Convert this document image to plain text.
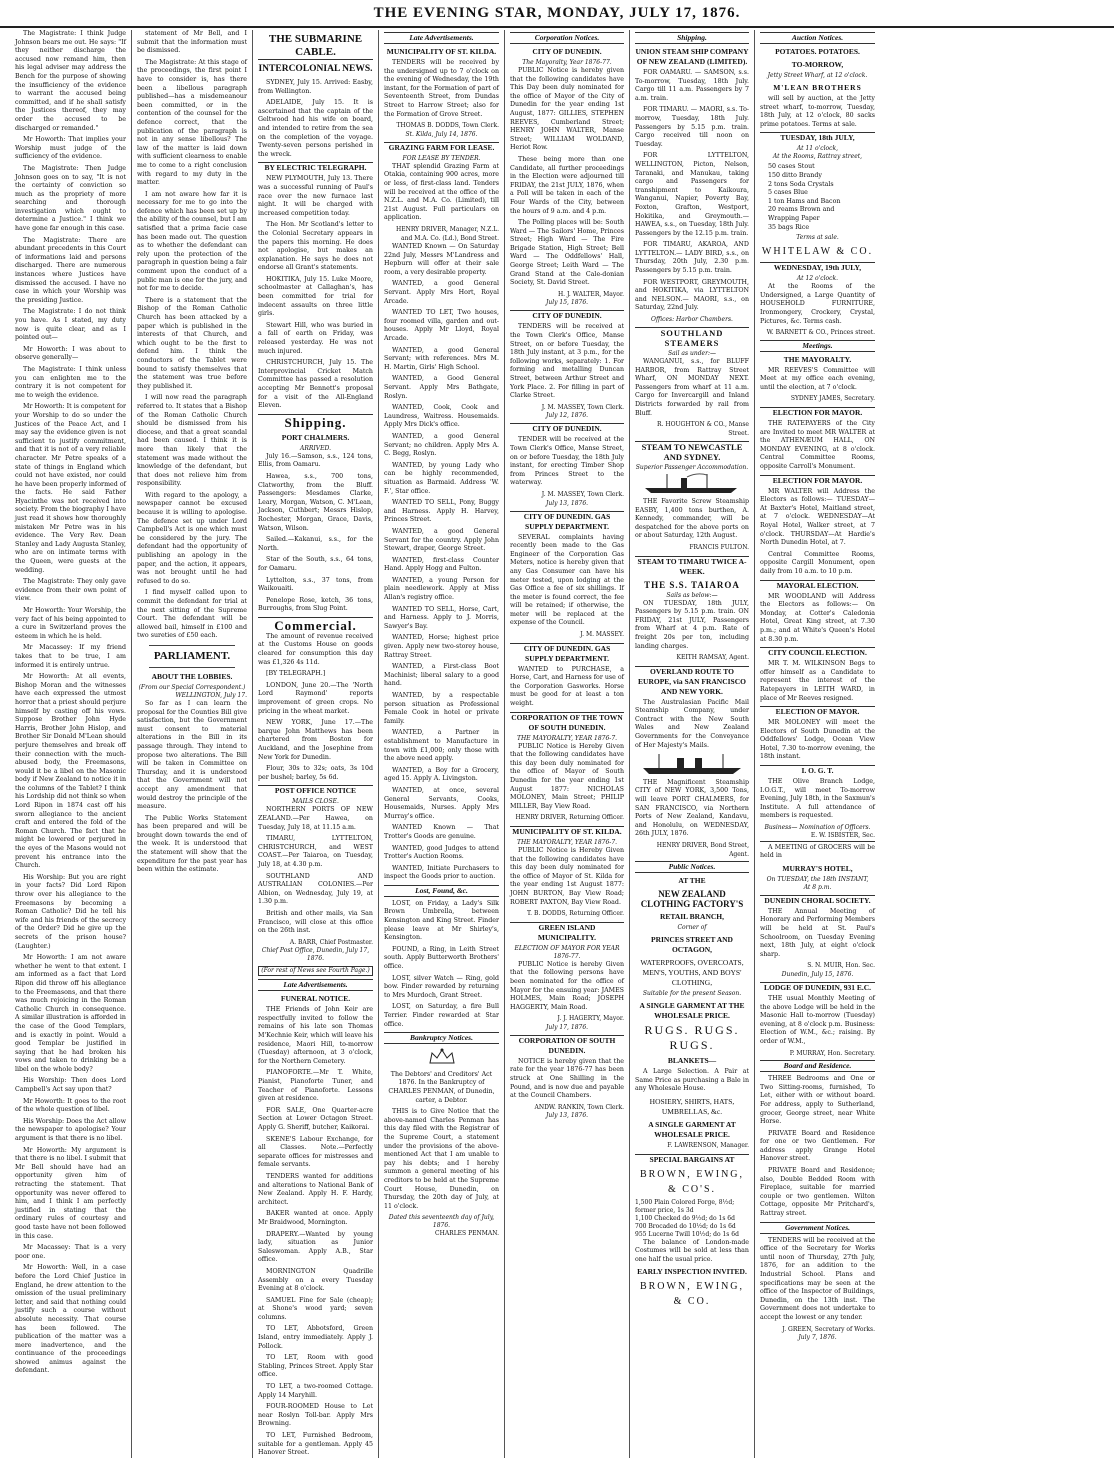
THE EVENING STAR, MONDAY, JULY 17, 1876.

The Magistrate: I think Judge Johnson bears me out. He says: "If they neither discharge the accused now remand him, then his legal adviser may address the Bench for the purpose of showing the insufficiency of the evidence to warrant the accused being committed, and if he shall satisfy the Justices thereof, they may order the accused to be discharged or remanded."

Mr Howorth: That implies your Worship must judge of the sufficiency of the evidence.

The Magistrate: Then Judge Johnson goes on to say, "It is not the certainty of conviction so much as the propriety of more searching and thorough investigation which ought to determine a Justice." I think we have gone far enough in this case.

The Magistrate: There are abundant precedents in this Court of informations laid and persons discharged. There are numerous instances where Justices have dismissed the accused. I have no case in which your Worship was the presiding Justice.

The Magistrate: I do not think you have. As I stated, my duty now is quite clear, and as I pointed out—

Mr Howorth: I was about to observe generally—

The Magistrate: I think unless you can enlighten me to the contrary it is not competent for me to weigh the evidence.

Mr Howorth: It is competent for your Worship to do so under the Justices of the Peace Act, and I may say the evidence given is not sufficient to justify commitment, and that it is not of a very reliable character. Mr Petre speaks of a state of things in England which could not have existed, nor could he have been properly informed of the facts. He said Father Hyacinthe was not received into society. From the biography I have just read it shows how thoroughly mistaken Mr Petre was in his evidence. The Very Rev. Dean Stanley and Lady Augusta Stanley, who are on intimate terms with the Queen, were guests at the wedding.

The Magistrate: They only gave evidence from their own point of view.

Mr Howorth: Your Worship, the very fact of his being appointed to a cure in Switzerland proves the esteem in which he is held.

Mr Macassey: If my friend takes that to be true, I am informed it is entirely untrue.

Mr Howorth: At all events, Bishop Moran and the witnesses have each expressed the utmost horror that a priest should perjure himself by casting off his vows. Suppose Brother John Hyde Harris, Brother John Hislop, and Brother Sir Donald M'Lean should perjure themselves and break off their connection with the much-abused body, the Freemasons, would it be a libel on the Masonic body if New Zealand to notice it in the columns of the Tablet? I think his Lordship did not think so when Lord Ripon in 1874 cast off his sworn allegiance to the ancient craft and entered the fold of the Roman Church. The fact that he might be lowered or perjured in the eyes of the Masons would not prevent his entrance into the Church.

His Worship: But you are right in your facts? Did Lord Ripon throw over his allegiance to the Freemasons by becoming a Roman Catholic? Did he tell his wife and his friends of the secrecy of the Order? Did he give up the secrets of the prison house? (Laughter.)

Mr Howorth: I am not aware whether he went to that extent. I am informed as a fact that Lord Ripon did throw off his allegiance to the Freemasons, and that there was much rejoicing in the Roman Catholic Church in consequence. A similar illustration is afforded in the case of the Good Templars, and is exactly in point. Would a good Templar be justified in saying that he had broken his vows and taken to drinking be a libel on the whole body?

His Worship: Then does Lord Campbell's Act say upon that?

Mr Howorth: It goes to the root of the whole question of libel.

His Worship: Does the Act allow the newspaper to apologise? Your argument is that there is no libel.

Mr Howorth: My argument is that there is no libel. I submit that Mr Bell should have had an opportunity given him of retracting the statement. That opportunity was never offered to him, and I think I am perfectly justified in stating that the ordinary rules of courtesy and good taste have not been followed in this case.

Mr Macassey: That is a very poor one.

Mr Howorth: Well, in a case before the Lord Chief Justice in England, he drew attention to the omission of the usual preliminary letter, and said that nothing could justify such a course without absolute necessity. That course has been followed. The publication of the matter was a mere inadvertence, and the continuance of the proceedings showed animus against the defendant.

statement of Mr Bell, and I submit that the information must be dismissed.

The Magistrate: At this stage of the proceedings, the first point I have to consider is, has there been a libellous paragraph published—has a misdemeanour been committed, or in the contention of the counsel for the defence correct, that the publication of the paragraph is not in any sense libellous? The law of the matter is laid down with sufficient clearness to enable me to come to a right conclusion with regard to my duty in the matter.

I am not aware how far it is necessary for me to go into the defence which has been set up by the ability of the counsel, but I am satisfied that a prima facie case has been made out. The question as to whether the defendant can rely upon the protection of the paragraph in question being a fair comment upon the conduct of a public man is one for the jury, and not for me to decide.

There is a statement that the Bishop of the Roman Catholic Church has been attacked by a paper which is published in the interests of that Church, and which ought to be the first to defend him. I think the conductors of the Tablet were bound to satisfy themselves that the statement was true before they published it.

I will now read the paragraph referred to. It states that a Bishop of the Roman Catholic Church should be dismissed from his diocese, and that a great scandal had been caused. I think it is more than likely that the statement was made without the knowledge of the defendant, but that does not relieve him from responsibility.

With regard to the apology, a newspaper cannot be excused because it is willing to apologise. The defence set up under Lord Campbell's Act is one which must be considered by the jury. The defendant had the opportunity of publishing an apology in the paper, and the action, it appears, was not brought until he had refused to do so.

I find myself called upon to commit the defendant for trial at the next sitting of the Supreme Court. The defendant will be allowed bail, himself in £100 and two sureties of £50 each.

PARLIAMENT.
ABOUT THE LOBBIES.
(From our Special Correspondent.)
WELLINGTON, July 17.

So far as I can learn the proposal for the Counties Bill give satisfaction, but the Government must consent to material alterations in the Bill in its passage through. They intend to propose two alterations. The Bill will be taken in Committee on Thursday, and it is understood that the Government will not accept any amendment that would destroy the principle of the measure.

The Public Works Statement has been prepared and will be brought down towards the end of the week. It is understood that the statement will show that the expenditure for the past year has been within the estimate.

THE SUBMARINE CABLE.
INTERCOLONIAL NEWS.

SYDNEY, July 15. Arrived: Easby, from Wellington.

ADELAIDE, July 15. It is ascertained that the captain of the Geltwood had his wife on board, and intended to retire from the sea on the completion of the voyage. Twenty-seven persons perished in the wreck.

BY ELECTRIC TELEGRAPH.

NEW PLYMOUTH, July 13. There was a successful running of Paul's race over the new furnace last night. It will be charged with increased competition today.

The Hon. Mr Scotland's letter to the Colonial Secretary appears in the papers this morning. He does not apologise, but makes an explanation. He says he does not endorse all Grant's statements.

HOKITIKA, July 15. Luke Moore, schoolmaster at Callaghan's, has been committed for trial for indecent assaults on three little girls.

Stewart Hill, who was buried in a fall of earth on Friday, was released yesterday. He was not much injured.

CHRISTCHURCH, July 15. The Interprovincial Cricket Match Committee has passed a resolution accepting Mr Bennett's proposal for a visit of the All-England Eleven.

Shipping.
PORT CHALMERS.
ARRIVED.

July 16.—Samson, s.s., 124 tons, Ellis, from Oamaru.

Hawea, s.s., 700 tons, Clatworthy, from the Bluff. Passengers: Mesdames Clarke, Leary, Morgan, Watson, C. M'Lean, Jackson, Cuthbert; Messrs Hislop, Rochester, Morgan, Grace, Davis, Watson, Wilson.

Sailed.—Kakanui, s.s., for the North.

Star of the South, s.s., 64 tons, for Oamaru.

Lyttelton, s.s., 37 tons, from Waikouaiti.

Penelope Rose, ketch, 36 tons, Burroughs, from Slug Point.

Commercial.

The amount of revenue received at the Customs House on goods cleared for consumption this day was £1,326 4s 11d.

[BY TELEGRAPH.]

LONDON, June 20.—The 'North Lord Raymond' reports improvement of green crops. No pricing in the wheat market.

NEW YORK, June 17.—The barque John Matthews has been chartered from Boston for Auckland, and the Josephine from New York for Dunedin.

Flour, 30s to 32s; oats, 3s 10d per bushel; barley, 5s 6d.

POST OFFICE NOTICE
MAILS CLOSE.

NORTHERN PORTS OF NEW ZEALAND.—Per Hawea, on Tuesday, July 18, at 11.15 a.m.

TIMARU, LYTTELTON, CHRISTCHURCH, and WEST COAST.—Per Taiaroa, on Tuesday, July 18, at 4.30 p.m.

SOUTHLAND AND AUSTRALIAN COLONIES.—Per Albion, on Wednesday, July 19, at 1.30 p.m.

British and other mails, via San Francisco, will close at this office on the 26th inst.

A. BARR, Chief Postmaster.
Chief Post Office, Dunedin, July 17, 1876.
(For rest of News see Fourth Page.)
Late Advertisements.
FUNERAL NOTICE.

THE Friends of John Keir are respectfully invited to follow the remains of his late son Thomas M'Kechnie Keir, which will leave his residence, Maori Hill, to-morrow (Tuesday) afternoon, at 3 o'clock, for the Northern Cemetery.

PIANOFORTE.—Mr T. White, Pianist, Pianoforte Tuner, and Teacher of Pianoforte. Lessons given at residence.

FOR SALE, One Quarter-acre Section at Lower Octagon Street. Apply G. Sheriff, butcher, Kaikorai.

SKENE'S Labour Exchange, for all Classes. Note.—Perfectly separate offices for mistresses and female servants.

TENDERS wanted for additions and alterations to National Bank of New Zealand. Apply H. F. Hardy, architect.

BAKER wanted at once. Apply Mr Braidwood, Mornington.

DRAPERY.—Wanted by young lady, situation as Junior Saleswoman. Apply A.B., Star office.

MORNINGTON Quadrille Assembly on a every Tuesday Evening at 8 o'clock.

SAMUEL Fine for Sale (cheap); at Shone's wood yard; seven columns.

TO LET, Abbotsford, Green Island, entry immediately. Apply J. Pollock.

TO LET, Room with good Stabling, Princes Street. Apply Star office.

TO LET, a two-roomed Cottage. Apply 14 Maryhill.

FOUR-ROOMED House to Let near Roslyn Toll-bar. Apply Mrs Browning.

TO LET, Furnished Bedroom, suitable for a gentleman. Apply 45 Hanover Street.

Late Advertisements.
MUNICIPALITY OF ST. KILDA.

TENDERS will be received by the undersigned up to 7 o'clock on the evening of Wednesday, the 19th instant, for the Formation of part of Seventeenth Street, from Dundas Street to Harrow Street; also for the Formation of Grove Street.

THOMAS B. DODDS, Town Clerk.
St. Kilda, July 14, 1876.
GRAZING FARM FOR LEASE.
FOR LEASE BY TENDER.

THAT splendid Grazing Farm at Otakia, containing 900 acres, more or less, of first-class land. Tenders will be received at the office of the N.Z.L. and M.A. Co. (Limited), till 21st August. Full particulars on application.

HENRY DRIVER, Manager, N.Z.L. and M.A. Co. (Ld.), Bond Street.

WANTED Known — On Saturday 22nd July, Messrs M'Landress and Hepburn will offer at their sale room, a very desirable property.

WANTED, a good General Servant. Apply Mrs Hort, Royal Arcade.

WANTED TO LET, Two houses, four roomed villa, garden and out-houses. Apply Mr Lloyd, Royal Arcade.

WANTED, a good General Servant; with references. Mrs M. H. Martin, Girls' High School.

WANTED, a Good General Servant. Apply Mrs Bathgate, Roslyn.

WANTED, Cook, Cook and Laundress, Waitress. Housemaids. Apply Mrs Dick's office.

WANTED, a good General Servant; no children. Apply Mrs A. C. Begg, Roslyn.

WANTED, by young Lady who can be highly recommended, situation as Barmaid. Address 'W. F.', Star office.

WANTED TO SELL, Pony, Buggy and Harness. Apply H. Harvey, Princes Street.

WANTED, a good General Servant for the country. Apply John Stewart, draper, George Street.

WANTED, first-class Counter Hand. Apply Hogg and Fulton.

WANTED, a young Person for plain needlework. Apply at Miss Allan's registry office.

WANTED TO SELL, Horse, Cart, and Harness. Apply to J. Morris, Sawyer's Bay.

WANTED, Horse; highest price given. Apply new two-storey house, Rattray Street.

WANTED, a First-class Boot Machinist; liberal salary to a good hand.

WANTED, by a respectable person situation as Professional Female Cook in hotel or private family.

WANTED, a Partner in establishment to Manufacture in town with £1,000; only those with the above need apply.

WANTED, a Boy for a Grocery, aged 15. Apply A. Livingston.

WANTED, at once, several General Servants, Cooks, Housemaids, Nurses. Apply Mrs Murray's office.

WANTED Known — That Trotter's Goods are genuine.

WANTED, good Judges to attend Trotter's Auction Rooms.

WANTED, Initiate Purchasers to inspect the Goods prior to auction.

Lost, Found, &c.

LOST, on Friday, a Lady's Silk Brown Umbrella, between Kensington and King Street. Finder please leave at Mr Shirley's, Kensington.

FOUND, a Ring, in Leith Street south. Apply Butterworth Brothers' office.

LOST, silver Watch — Ring, gold bow. Finder rewarded by returning to Mrs Murdoch, Grant Street.

LOST, on Saturday, a fire Bull Terrier. Finder rewarded at Star office.

Bankruptcy Notices.

The Debtors' and Creditors' Act 1876. In the Bankruptcy of CHARLES PENMAN, of Dunedin, carter, a Debtor.

THIS is to Give Notice that the above-named Charles Penman has this day filed with the Registrar of the Supreme Court, a statement under the provisions of the above-mentioned Act that I am unable to pay his debts; and I hereby summon a general meeting of his creditors to be held at the Supreme Court House, Dunedin, on Thursday, the 20th day of July, at 11 o'clock.

Dated this seventeenth day of July, 1876.
CHARLES PENMAN.
Corporation Notices.
CITY OF DUNEDIN.
The Mayoralty, Year 1876-77.

PUBLIC Notice is hereby given that the following candidates have This Day been duly nominated for the office of Mayor of the City of Dunedin for the year ending 1st August, 1877: GILLIES, STEPHEN REEVES, Cumberland Street; HENRY JOHN WALTER, Manse Street; WILLIAM WOLDAND, Heriot Row.

These being more than one Candidate, all further proceedings in the Election were adjourned till FRIDAY, the 21st JULY, 1876, when a Poll will be taken in each of the Four Wards of the City, between the hours of 9 a.m. and 4 p.m.

The Polling places will be: South Ward — The Sailors' Home, Princes Street; High Ward — The Fire Brigade Station, High Street; Bell Ward — The Oddfellows' Hall, George Street; Leith Ward — The Grand Stand at the Cale-donian Society, St. David Street.

H. J. WALTER, Mayor.
July 15, 1876.
CITY OF DUNEDIN.

TENDERS will be received at the Town Clerk's Office, Manse Street, on or before Tuesday, the 18th July instant, at 3 p.m., for the following works, separately: 1. For forming and metalling Duncan Street, between Arthur Street and York Place. 2. For filling in part of Clarke Street.

J. M. MASSEY, Town Clerk.
July 12, 1876.
CITY OF DUNEDIN.

TENDER will be received at the Town Clerk's Office, Manse Street, on or before Tuesday, the 18th July instant, for erecting Timber Shop from Princes Street to the waterway.

J. M. MASSEY, Town Clerk.
July 13, 1876.
CITY OF DUNEDIN. GAS SUPPLY DEPARTMENT.

SEVERAL complaints having recently been made to the Gas Engineer of the Corporation Gas Meters, notice is hereby given that any Gas Consumer can have his meter tested, upon lodging at the Gas Office a fee of six shillings. If the meter is found correct, the fee will be retained; if otherwise, the meter will be replaced at the expense of the Council.

J. M. MASSEY.
CITY OF DUNEDIN. GAS SUPPLY DEPARTMENT.

WANTED to PURCHASE, a Horse, Cart, and Harness for use of the Corporation Gasworks. Horse must be good for at least a ton weight.

CORPORATION OF THE TOWN OF SOUTH DUNEDIN.
THE MAYORALTY, YEAR 1876-7.

PUBLIC Notice is Hereby Given that the following candidates have this day been duly nominated for the office of Mayor of South Dunedin for the year ending 1st August 1877: NICHOLAS MOLONEY, Main Street; PHILIP MILLER, Bay View Road.

HENRY DRIVER, Returning Officer.
MUNICIPALITY OF ST. KILDA.
THE MAYORALTY, YEAR 1876-7.

PUBLIC Notice is Hereby Given that the following candidates have this day been duly nominated for the office of Mayor of St. Kilda for the year ending 1st August 1877: JOHN BURTON, Bay View Road; ROBERT PAXTON, Bay View Road.

T. B. DODDS, Returning Officer.
GREEN ISLAND MUNICIPALITY.
ELECTION OF MAYOR FOR YEAR 1876-77.

PUBLIC Notice is hereby Given that the following persons have been nominated for the office of Mayor for the ensuing year: JAMES HOLMES, Main Road; JOSEPH HAGGERTY, Main Road.

J. J. HAGERTY, Mayor.
July 17, 1876.
CORPORATION OF SOUTH DUNEDIN.

NOTICE is hereby given that the rate for the year 1876-77 has been struck at One Shilling in the Pound, and is now due and payable at the Council Chambers.

ANDW. RANKIN, Town Clerk.
July 13, 1876.
Shipping.
UNION STEAM SHIP COMPANY OF NEW ZEALAND (LIMITED).

FOR OAMARU. — SAMSON, s.s. To-morrow, Tuesday, 18th July. Cargo till 11 a.m. Passengers by 7 a.m. train.

FOR TIMARU. — MAORI, s.s. To-morrow, Tuesday, 18th July. Passengers by 5.15 p.m. train. Cargo received till noon on Tuesday.

FOR LYTTELTON, WELLINGTON, Picton, Nelson, Taranaki, and Manukau, taking cargo and Passengers for transhipment to Kaikoura, Wanganui, Napier, Poverty Bay, Foxton, Grafton, Westport, Hokitika, and Greymouth.— HAWEA, s.s., on Tuesday, 18th July. Passengers by the 12.15 p.m. train.

FOR TIMARU, AKAROA, AND LYTTELTON.— LADY BIRD, s.s., on Thursday, 20th July, 2.30 p.m. Passengers by 5.15 p.m. train.

FOR WESTPORT, GREYMOUTH, and HOKITIKA, via LYTTELTON and NELSON.— MAORI, s.s., on Saturday, 22nd July.

Offices: Harbor Chambers.
SOUTHLAND STEAMERS
Sail as under:—

WANGANUI, s.s., for BLUFF HARBOR, from Rattray Street Wharf, ON MONDAY NEXT. Passengers from wharf at 11 a.m. Cargo for Invercargill and Inland Districts forwarded by rail from Bluff.

R. HOUGHTON & CO., Manse Street.
STEAM TO NEWCASTLE AND SYDNEY.
Superior Passenger Accommodation.

THE Favorite Screw Steamship EASBY, 1,400 tons burthen, A. Kennedy, commander, will be despatched for the above ports on or about Saturday, 12th August.

FRANCIS FULTON.
STEAM TO TIMARU TWICE A-WEEK.
THE S.S. TAIAROA
Sails as below:—

ON TUESDAY, 18th JULY, Passengers by 5.15 p.m. train. ON FRIDAY, 21st JULY, Passengers from Wharf at 4 p.m. Rate of freight 20s per ton, including landing charges.

KEITH RAMSAY, Agent.
OVERLAND ROUTE TO EUROPE, via SAN FRANCISCO AND NEW YORK.

The Australasian Pacific Mail Steamship Company, under Contract with the New South Wales and New Zealand Governments for the Conveyance of Her Majesty's Mails.

THE Magnificent Steamship CITY of NEW YORK, 3,500 Tons, will leave PORT CHALMERS, for SAN FRANCISCO, via Northern Ports of New Zealand, Kandavu, and Honolulu, on WEDNESDAY, 26th JULY, 1876.

HENRY DRIVER, Bond Street, Agent.
Public Notices.
AT THE
NEW ZEALAND CLOTHING FACTORY'S
RETAIL BRANCH,
Corner of
PRINCES STREET AND OCTAGON,
WATERPROOFS, OVERCOATS, MEN'S, YOUTHS, AND BOYS' CLOTHING,
Suitable for the present Season.
A SINGLE GARMENT AT THE WHOLESALE PRICE.
RUGS. RUGS. RUGS.
BLANKETS—

A Large Selection. A Pair at Same Price as purchasing a Bale in any Wholesale House.

HOSIERY, SHIRTS, HATS, UMBRELLAS, &c.
A SINGLE GARMENT AT WHOLESALE PRICE.
F. LAWRENSON, Manager.
SPECIAL BARGAINS AT
BROWN, EWING, & CO'S.
1,500 Plain Colored Forge, 8½d; former price, 1s 3d
1,100 Checked do 9½d; do 1s 6d
700 Brocaded do 10½d; do 1s 6d
955 Lucerne Twill 10½d; do 1s 6d

The balance of London-made Costumes will be sold at less than one half the usual price.

EARLY INSPECTION INVITED.
BROWN, EWING, & CO.
Auction Notices.
POTATOES. POTATOES.
TO-MORROW,
Jetty Street Wharf, at 12 o'clock.
M'LEAN BROTHERS

will sell by auction, at the Jetty street wharf, to-morrow, Tuesday, 18th July, at 12 o'clock, 80 sacks prime potatoes. Terms at sale.

TUESDAY, 18th JULY,
At 11 o'clock,
At the Rooms, Rattray street,
50 cases Stout
150 ditto Brandy
2 tons Soda Crystals
5 cases Blue
1 ton Hams and Bacon
20 reams Brown and Wrapping Paper
35 bags Rice
Terms at sale.
WHITELAW & CO.
WEDNESDAY, 19th JULY,
At 12 o'clock.

At the Rooms of the Undersigned, a Large Quantity of HOUSEHOLD FURNITURE, Ironmongery, Crockery, Crystal, Pictures, &c. Terms cash.

W. BARNETT & CO., Princes street.
Meetings.
THE MAYORALTY.

MR REEVES'S Committee will Meet at my office each evening, until the election, at 7 o'clock.

SYDNEY JAMES, Secretary.
ELECTION FOR MAYOR.

THE RATEPAYERS of the City are Invited to meet MR WALTER at the ATHENÆUM HALL, ON MONDAY EVENING, at 8 o'clock. Central Committee Rooms, opposite Carroll's Monument.

ELECTION FOR MAYOR.

MR WALTER will Address the Electors as follows:— TUESDAY—At Baxter's Hotel, Maitland street, at 7 o'clock. WEDNESDAY—At Royal Hotel, Walker street, at 7 o'clock. THURSDAY—At Hardie's North Dunedin Hotel, at 7.

Central Committee Rooms, opposite Cargill Monument, open daily from 10 a.m. to 10 p.m.

MAYORAL ELECTION.

MR WOODLAND will Address the Electors as follows:— On Monday, at Cotter's Caledonia Hotel, Great King street, at 7.30 p.m.; and at White's Queen's Hotel at 8.30 p.m.

CITY COUNCIL ELECTION.

MR T. M. WILKINSON Begs to offer himself as a Candidate to represent the interest of the Ratepayers in LEITH WARD, in place of Mr Reeves resigned.

ELECTION OF MAYOR.

MR MOLONEY will meet the Electors of South Dunedin at the Oddfellows' Lodge, Ocean View Hotel, 7.30 to-morrow evening, the 18th instant.

I. O. G. T.

THE Olive Branch Lodge, I.O.G.T., will meet To-morrow Evening, July 18th, in the Saxmun's Institute. A full attendance of members is requested.

Business— Nomination of Officers.
E. W. ISBISTER, Sec.

A MEETING of GROCERS will be held in

MURRAY'S HOTEL,
On TUESDAY, the 18th INSTANT,
At 8 p.m.
DUNEDIN CHORAL SOCIETY.

THE Annual Meeting of Honorary and Performing Members will be held at St. Paul's Schoolroom, on Tuesday Evening next, 18th July, at eight o'clock sharp.

S. N. MUIR, Hon. Sec.
Dunedin, July 15, 1876.
LODGE OF DUNEDIN, 931 E.C.

THE usual Monthly Meeting of the above Lodge will be held in the Masonic Hall to-morrow (Tuesday) evening, at 8 o'clock p.m. Business: Election of W.M., &c.; raising. By order of W.M.,

P. MURRAY, Hon. Secretary.
Board and Residence.

THREE Bedrooms and One or Two Sitting-rooms, furnished, To Let, either with or without board. For address, apply to Sutherland, grocer, George street, near White Horse.

PRIVATE Board and Residence for one or two Gentlemen. For address apply Grange Hotel Hanover street.

PRIVATE Board and Residence; also, Double Bedded Room with Fireplace, suitable for married couple or two gentlemen. Wilton Cottage, opposite Mr Pritchard's, Rattray street.

Government Notices.

TENDERS will be received at the office of the Secretary for Works until noon of Thursday, 27th July, 1876, for an addition to the Industrial School. Plans and specifications may be seen at the office of the Inspector of Buildings, Dunedin, on the 13th inst. The Government does not undertake to accept the lowest or any tender.

J. GREEN, Secretary of Works.
July 7, 1876.
